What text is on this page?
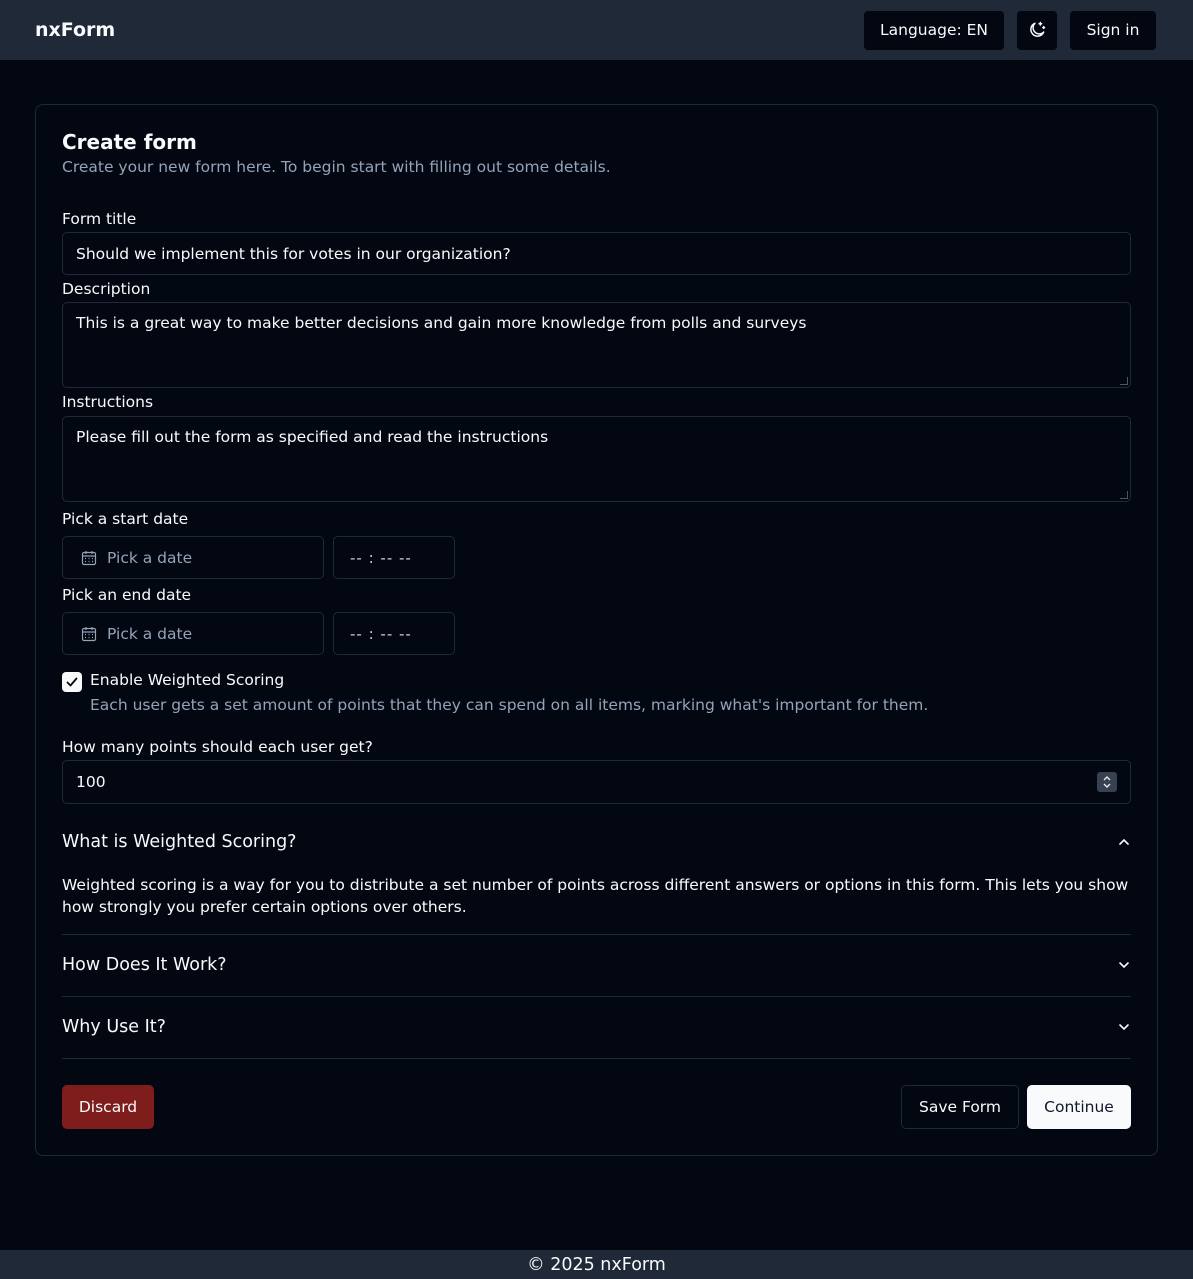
nxForm	Language: EN	Sign in
Create form
Create your new form here. To begin start with filling out some details.
Form title
Should we implement this for votes in our organization?
Description
This is a great way to make better decisions and gain more knowledge from polls and surveys
Instructions
Please fill out the form as specified and read the instructions
Pick a start date
Pick a date	-- : -- --
Pick an end date
Pick a date	-- : -- --
Enable Weighted Scoring
Each user gets a set amount of points that they can spend on all items, marking what's important for them.
How many points should each user get?
100
What is Weighted Scoring?
Weighted scoring is a way for you to distribute a set number of points across different answers or options in this form. This lets you show how strongly you prefer certain options over others.
How Does It Work?
Why Use It?
Discard	Save Form	Continue
© 2025 nxForm
